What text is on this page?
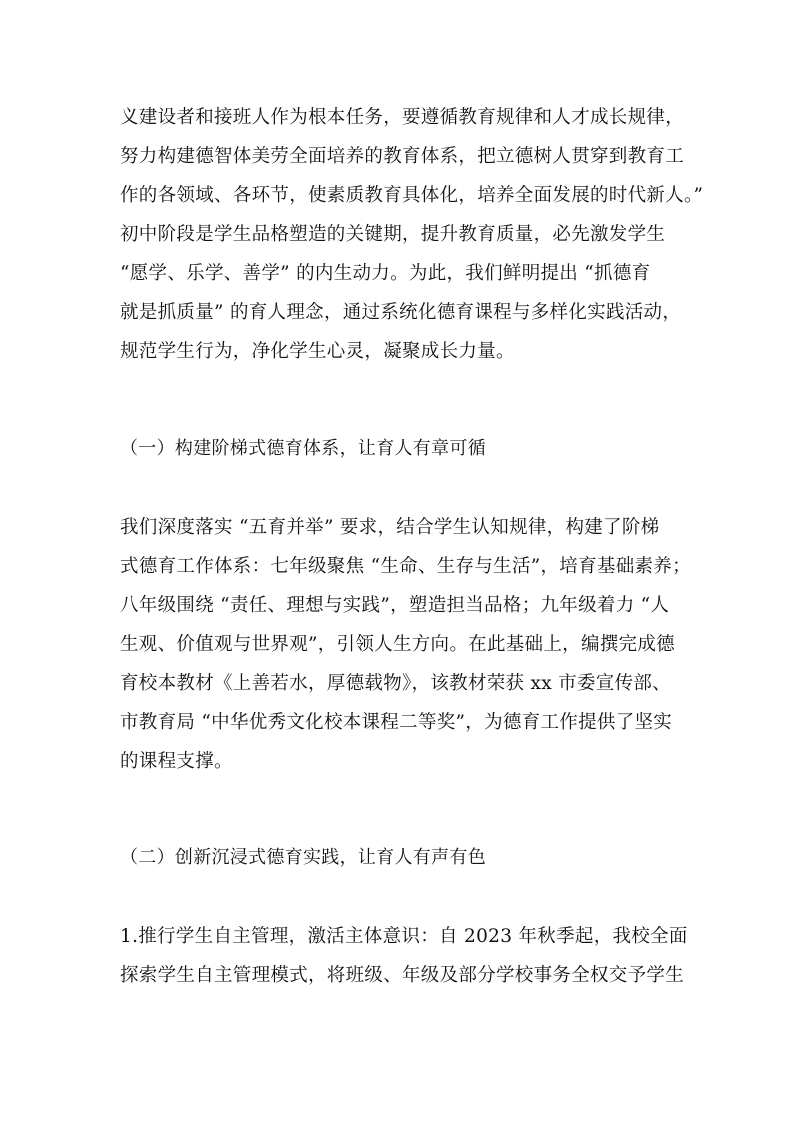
义建设者和接班人作为根本任务，要遵循教育规律和人才成长规律，
努力构建德智体美劳全面培养的教育体系，把立德树人贯穿到教育工
作的各领域、各环节，使素质教育具体化，培养全面发展的时代新人。”
初中阶段是学生品格塑造的关键期，提升教育质量，必先激发学生
“愿学、乐学、善学” 的内生动力。为此，我们鲜明提出 “抓德育
就是抓质量” 的育人理念，通过系统化德育课程与多样化实践活动，
规范学生行为，净化学生心灵，凝聚成长力量。
（一）构建阶梯式德育体系，让育人有章可循
我们深度落实 “五育并举” 要求，结合学生认知规律，构建了阶梯
式德育工作体系：七年级聚焦 “生命、生存与生活”，培育基础素养；
八年级围绕 “责任、理想与实践”，塑造担当品格；九年级着力 “人
生观、价值观与世界观”，引领人生方向。在此基础上，编撰完成德
育校本教材《上善若水，厚德载物》，该教材荣获 xx 市委宣传部、
市教育局 “中华优秀文化校本课程二等奖”，为德育工作提供了坚实
的课程支撑。
（二）创新沉浸式德育实践，让育人有声有色
1.推行学生自主管理，激活主体意识：自 2023 年秋季起，我校全面
探索学生自主管理模式，将班级、年级及部分学校事务全权交予学生
